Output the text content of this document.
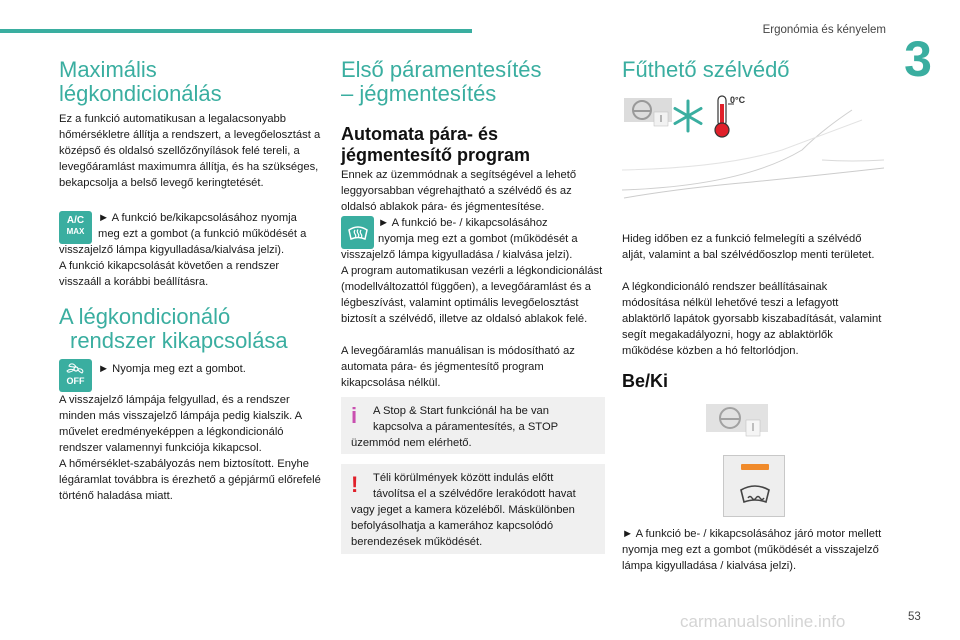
Ergonómia és kényelem
3
Maximális
légkondicionálás
Ez a funkció automatikusan a legalacsonyabb hőmérsékletre állítja a rendszert, a levegőelosztást a középső és oldalsó szellőzőnyílások felé tereli, a levegőáramlást maximumra állítja, és ha szükséges, bekapcsolja a belső levegő keringtetését.
A/C
MAX
► A funkció be/kikapcsolásához nyomja
meg ezt a gombot (a funkció működését a
visszajelző lámpa kigyulladása/kialvása jelzi).
A funkció kikapcsolását követően a rendszer visszaáll a korábbi beállításra.
A légkondicionáló
rendszer kikapcsolása
OFF
► Nyomja meg ezt a gombot.
A visszajelző lámpája felgyullad, és a rendszer minden más visszajelző lámpája pedig kialszik. A művelet eredményeképpen a légkondicionáló rendszer valamennyi funkciója kikapcsol.
A hőmérséklet-szabályozás nem biztosított. Enyhe légáramlat továbbra is érezhető a gépjármű előrefelé történő haladása miatt.
Első páramentesítés
– jégmentesítés
Automata pára- és
jégmentesítő program
Ennek az üzemmódnak a segítségével a lehető leggyorsabban végrehajtható a szélvédő és az oldalsó ablakok pára- és jégmentesítése.
► A funkció be- / kikapcsolásához
nyomja meg ezt a gombot (működését a
visszajelző lámpa kigyulladása / kialvása jelzi).
A program automatikusan vezérli a légkondicionálást (modellváltozattól függően), a levegőáramlást és a légbeszívást, valamint optimális levegőelosztást biztosít a szélvédő, illetve az oldalsó ablakok felé.
A levegőáramlás manuálisan is módosítható az automata pára- és jégmentesítő program kikapcsolása nélkül.
i	A Stop & Start funkciónál ha be van
kapcsolva a páramentesítés, a STOP üzemmód nem elérhető.
!	Téli körülmények között indulás előtt
távolítsa el a szélvédőre lerakódott havat vagy jeget a kamera közeléből. Máskülönben befolyásolhatja a kamerához kapcsolódó berendezések működését.
Fűthető szélvédő
0°C
Hideg időben ez a funkció felmelegíti a szélvédő alját, valamint a bal szélvédőoszlop menti területet.
A légkondicionáló rendszer beállításainak módosítása nélkül lehetővé teszi a lefagyott ablaktörlő lapátok gyorsabb kiszabadítását, valamint segít megakadályozni, hogy az ablaktörlők működése közben a hó feltorlódjon.
Be/Ki
► A funkció be- / kikapcsolásához járó motor mellett nyomja meg ezt a gombot (működését a visszajelző lámpa kigyulladása / kialvása jelzi).
carmanualsonline.info	53
